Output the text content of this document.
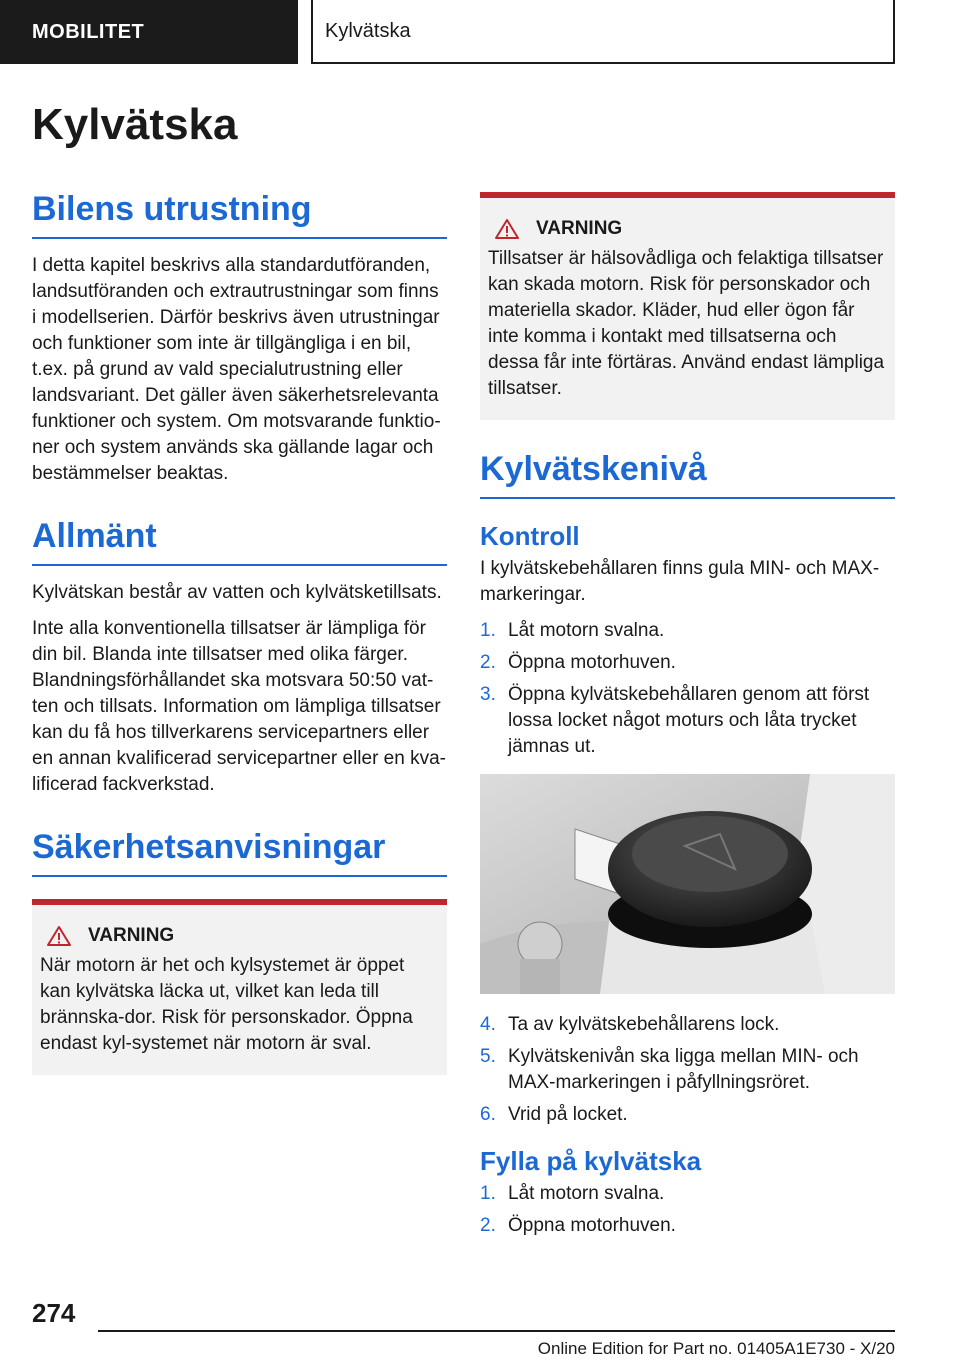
MOBILITET	Kylvätska
Kylvätska
Bilens utrustning

I detta kapitel beskrivs alla standardutföranden, landsutföranden och extrautrustningar som finns i modellserien. Därför beskrivs även utrustningar och funktioner som inte är tillgängliga i en bil, t.ex. på grund av vald specialutrustning eller landsvariant. Det gäller även säkerhetsrelevanta funktioner och system. Om motsvarande funktio-ner och system används ska gällande lagar och bestämmelser beaktas.

Allmänt

Kylvätskan består av vatten och kylvätsketillsats.

Inte alla konventionella tillsatser är lämpliga för din bil. Blanda inte tillsatser med olika färger. Blandningsförhållandet ska motsvara 50:50 vat-ten och tillsats. Information om lämpliga tillsatser kan du få hos tillverkarens servicepartners eller en annan kvalificerad servicepartner eller en kva-lificerad fackverkstad.

Säkerhetsanvisningar
VARNING

När motorn är het och kylsystemet är öppet kan kylvätska läcka ut, vilket kan leda till brännska-dor. Risk för personskador. Öppna endast kyl-systemet när motorn är sval.

VARNING

Tillsatser är hälsovådliga och felaktiga tillsatser kan skada motorn. Risk för personskador och materiella skador. Kläder, hud eller ögon får inte komma i kontakt med tillsatserna och dessa får inte förtäras. Använd endast lämpliga tillsatser.

Kylvätskenivå
Kontroll

I kylvätskebehållaren finns gula MIN- och MAX-markeringar.

1. Låt motorn svalna.
2. Öppna motorhuven.
3. Öppna kylvätskebehållaren genom att först lossa locket något moturs och låta trycket jämnas ut.
4. Ta av kylvätskebehållarens lock.
5. Kylvätskenivån ska ligga mellan MIN- och MAX-markeringen i påfyllningsröret.
6. Vrid på locket.
Fylla på kylvätska
1. Låt motorn svalna.
2. Öppna motorhuven.

274

Online Edition for Part no. 01405A1E730 - X/20
